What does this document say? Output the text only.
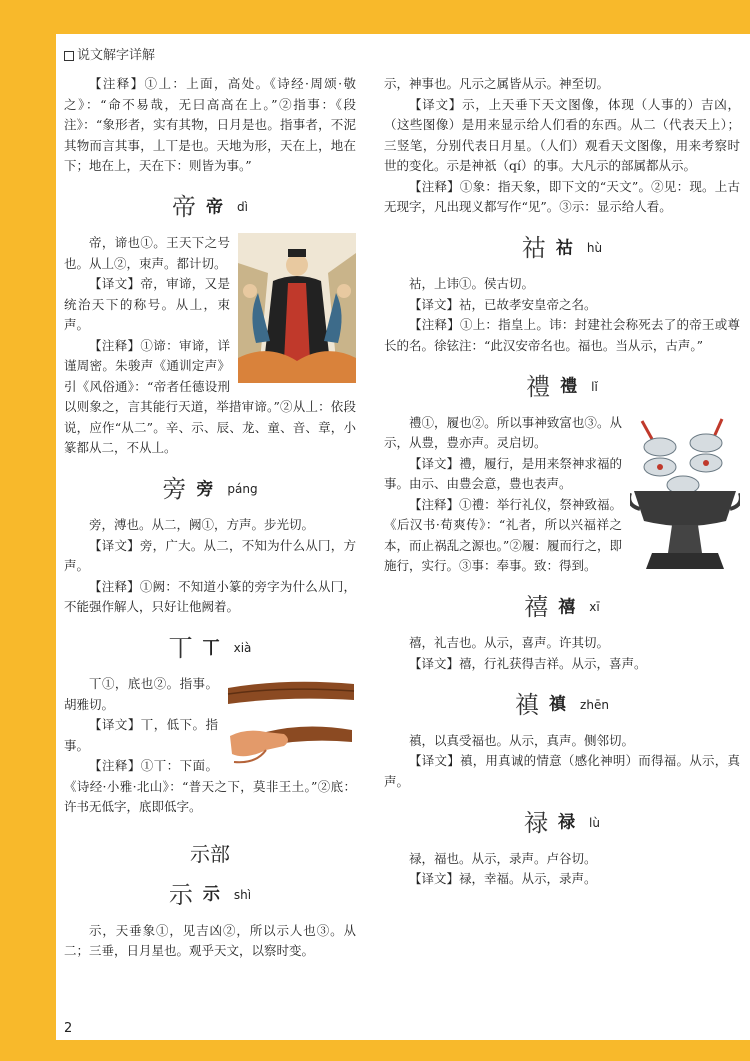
说文解字详解

【注释】①丄：上面，高处。《诗经·周颂·敬之》：“命不易哉，无曰高高在上。”②指事：《段注》：“象形者，实有其物，日月是也。指事者，不泥其物而言其事，丄丅是也。天地为形，天在上，地在下；地在上，天在下：则皆为事。”

帝 帝 dì

帝，谛也①。王天下之号也。从丄②，朿声。都计切。

【译文】帝，审谛，又是统治天下的称号。从丄，朿声。

【注释】①谛：审谛，详谨周密。朱骏声《通训定声》引《风俗通》：“帝者任德设刑以则象之，言其能行天道，举措审谛。”②从丄：依段说，应作“从二”。辛、示、辰、龙、童、音、章，小篆都从二，不从丄。

旁 旁 páng

旁，溥也。从二，阙①，方声。步光切。

【译文】旁，广大。从二，不知为什么从冂，方声。

【注释】①阙：不知道小篆的旁字为什么从冂，不能强作解人，只好让他阙着。

丅 丅 xià

丅①，底也②。指事。胡雅切。

【译文】丅，低下。指事。

【注释】①丅：下面。《诗经·小雅·北山》：“普天之下，莫非王土。”②底：许书无低字，底即低字。

示部
示 示 shì

示，天垂象①，见吉凶②，所以示人也③。从二；三垂，日月星也。观乎天文，以察时变。

示，神事也。凡示之属皆从示。神至切。

【译文】示，上天垂下天文图像，体现（人事的）吉凶，（这些图像）是用来显示给人们看的东西。从二（代表天上）；三竖笔，分别代表日月星。（人们）观看天文图像，用来考察时世的变化。示是神祇（qí）的事。大凡示的部属都从示。

【注释】①象：指天象，即下文的“天文”。②见：现。上古无现字，凡出现义都写作“见”。③示：显示给人看。

祜 祜 hù

祜，上讳①。侯古切。

【译文】祜，已故孝安皇帝之名。

【注释】①上：指皇上。讳：封建社会称死去了的帝王或尊长的名。徐铉注：“此汉安帝名也。福也。当从示，古声。”

禮 禮 lǐ

禮①，履也②。所以事神致富也③。从示，从豊，豊亦声。灵启切。

【译文】禮，履行，是用来祭神求福的事。由示、由豊会意，豊也表声。

【注释】①禮：举行礼仪，祭神致福。《后汉书·荀爽传》：“礼者，所以兴福祥之本，而止祸乱之源也。”②履：履而行之，即施行，实行。③事：奉事。致：得到。

禧 禧 xī

禧，礼吉也。从示，喜声。许其切。

【译文】禧，行礼获得吉祥。从示，喜声。

禛 禛 zhēn

禛，以真受福也。从示，真声。侧邻切。

【译文】禛，用真诚的情意（感化神明）而得福。从示，真声。

禄 禄 lù

禄，福也。从示，录声。卢谷切。

【译文】禄，幸福。从示，录声。

2
